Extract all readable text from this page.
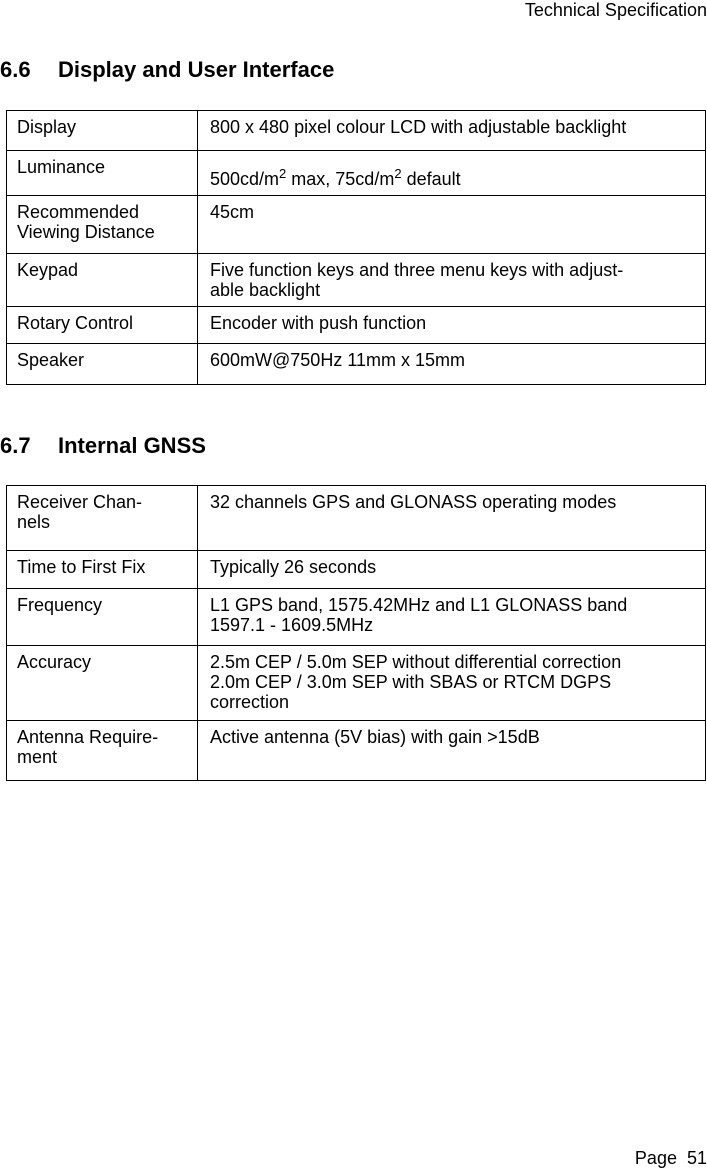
Technical Specification
6.6 Display and User Interface
Display	800 x 480 pixel colour LCD with adjustable backlight
Luminance	$500cd/m^2$ max, $75cd/m^2$ default
Recommended
Viewing Distance	45cm
Keypad	Five function keys and three menu keys with adjust-
able backlight
Rotary Control	Encoder with push function
Speaker	600mW@750Hz 11mm x 15mm
6.7 Internal GNSS
Receiver Chan-
nels	32 channels GPS and GLONASS operating modes
Time to First Fix	Typically 26 seconds
Frequency	L1 GPS band, 1575.42MHz and L1 GLONASS band
1597.1 - 1609.5MHz
Accuracy	2.5m CEP / 5.0m SEP without differential correction
2.0m CEP / 3.0m SEP with SBAS or RTCM DGPS
correction
Antenna Require-
ment	Active antenna (5V bias) with gain >15dB
Page 51
